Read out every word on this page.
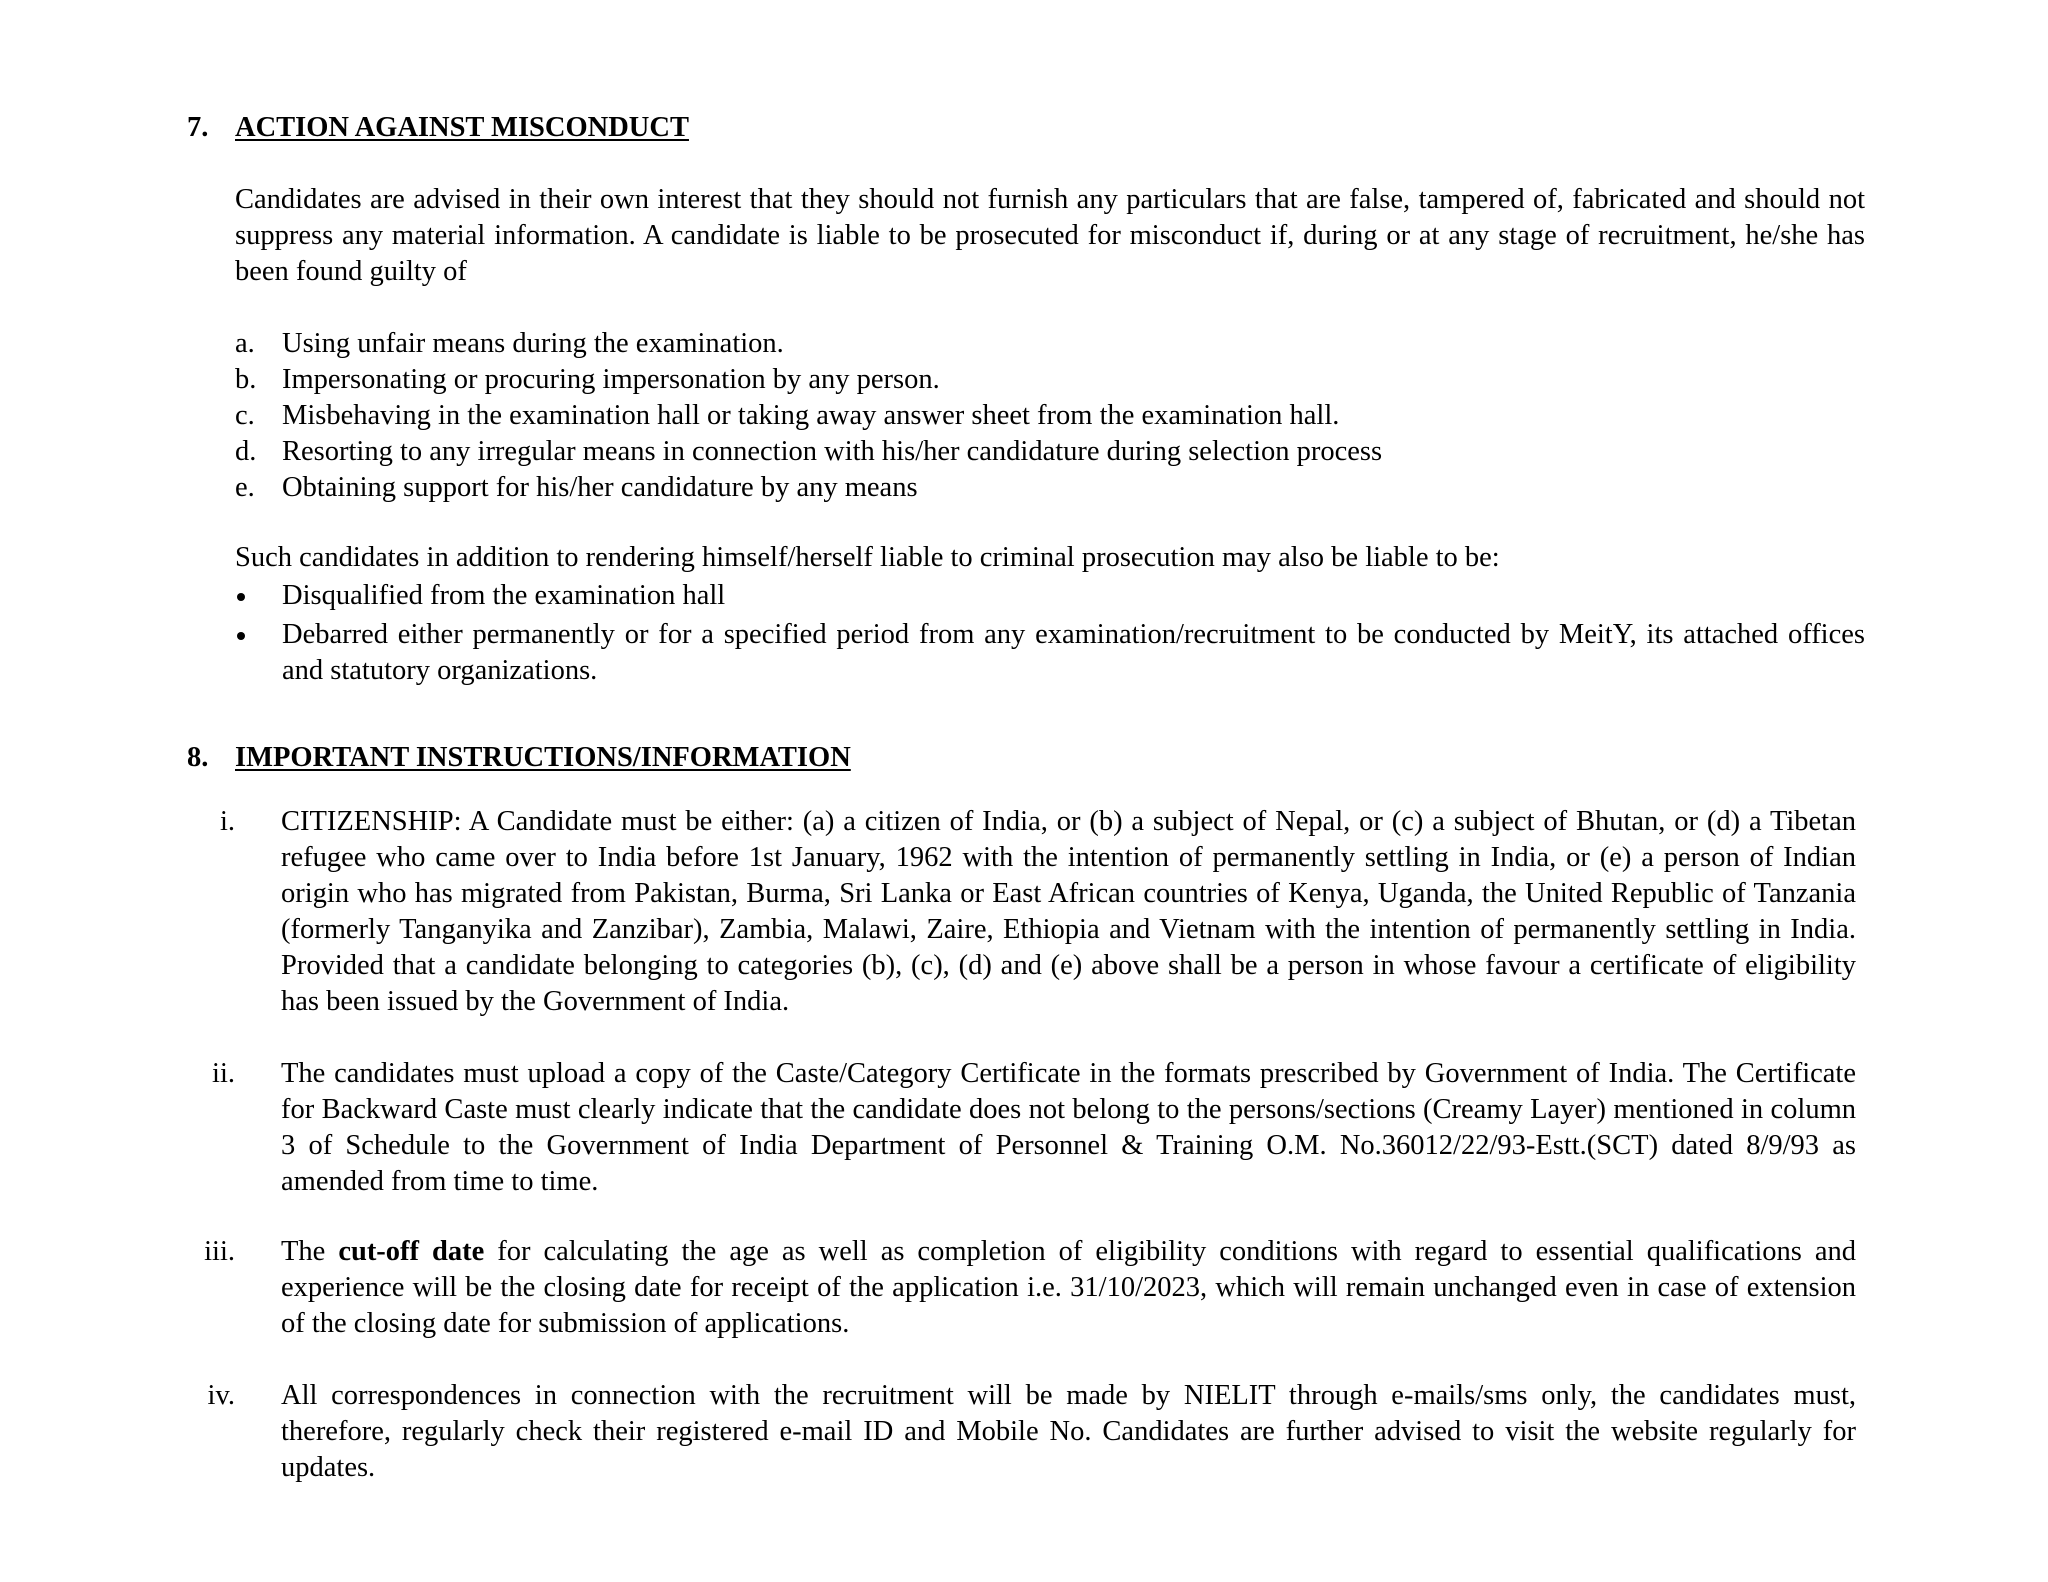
7. ACTION AGAINST MISCONDUCT
Candidates are advised in their own interest that they should not furnish any particulars that are false, tampered of, fabricated and should not suppress any material information. A candidate is liable to be prosecuted for misconduct if, during or at any stage of recruitment, he/she has been found guilty of
a. Using unfair means during the examination.
b. Impersonating or procuring impersonation by any person.
c. Misbehaving in the examination hall or taking away answer sheet from the examination hall.
d. Resorting to any irregular means in connection with his/her candidature during selection process
e. Obtaining support for his/her candidature by any means
Such candidates in addition to rendering himself/herself liable to criminal prosecution may also be liable to be:
Disqualified from the examination hall
Debarred either permanently or for a specified period from any examination/recruitment to be conducted by MeitY, its attached offices and statutory organizations.
8. IMPORTANT INSTRUCTIONS/INFORMATION
i. CITIZENSHIP: A Candidate must be either: (a) a citizen of India, or (b) a subject of Nepal, or (c) a subject of Bhutan, or (d) a Tibetan refugee who came over to India before 1st January, 1962 with the intention of permanently settling in India, or (e) a person of Indian origin who has migrated from Pakistan, Burma, Sri Lanka or East African countries of Kenya, Uganda, the United Republic of Tanzania (formerly Tanganyika and Zanzibar), Zambia, Malawi, Zaire, Ethiopia and Vietnam with the intention of permanently settling in India. Provided that a candidate belonging to categories (b), (c), (d) and (e) above shall be a person in whose favour a certificate of eligibility has been issued by the Government of India.
ii. The candidates must upload a copy of the Caste/Category Certificate in the formats prescribed by Government of India. The Certificate for Backward Caste must clearly indicate that the candidate does not belong to the persons/sections (Creamy Layer) mentioned in column 3 of Schedule to the Government of India Department of Personnel & Training O.M. No.36012/22/93-Estt.(SCT) dated 8/9/93 as amended from time to time.
iii. The cut-off date for calculating the age as well as completion of eligibility conditions with regard to essential qualifications and experience will be the closing date for receipt of the application i.e. 31/10/2023, which will remain unchanged even in case of extension of the closing date for submission of applications.
iv. All correspondences in connection with the recruitment will be made by NIELIT through e-mails/sms only, the candidates must, therefore, regularly check their registered e-mail ID and Mobile No. Candidates are further advised to visit the website regularly for updates.
